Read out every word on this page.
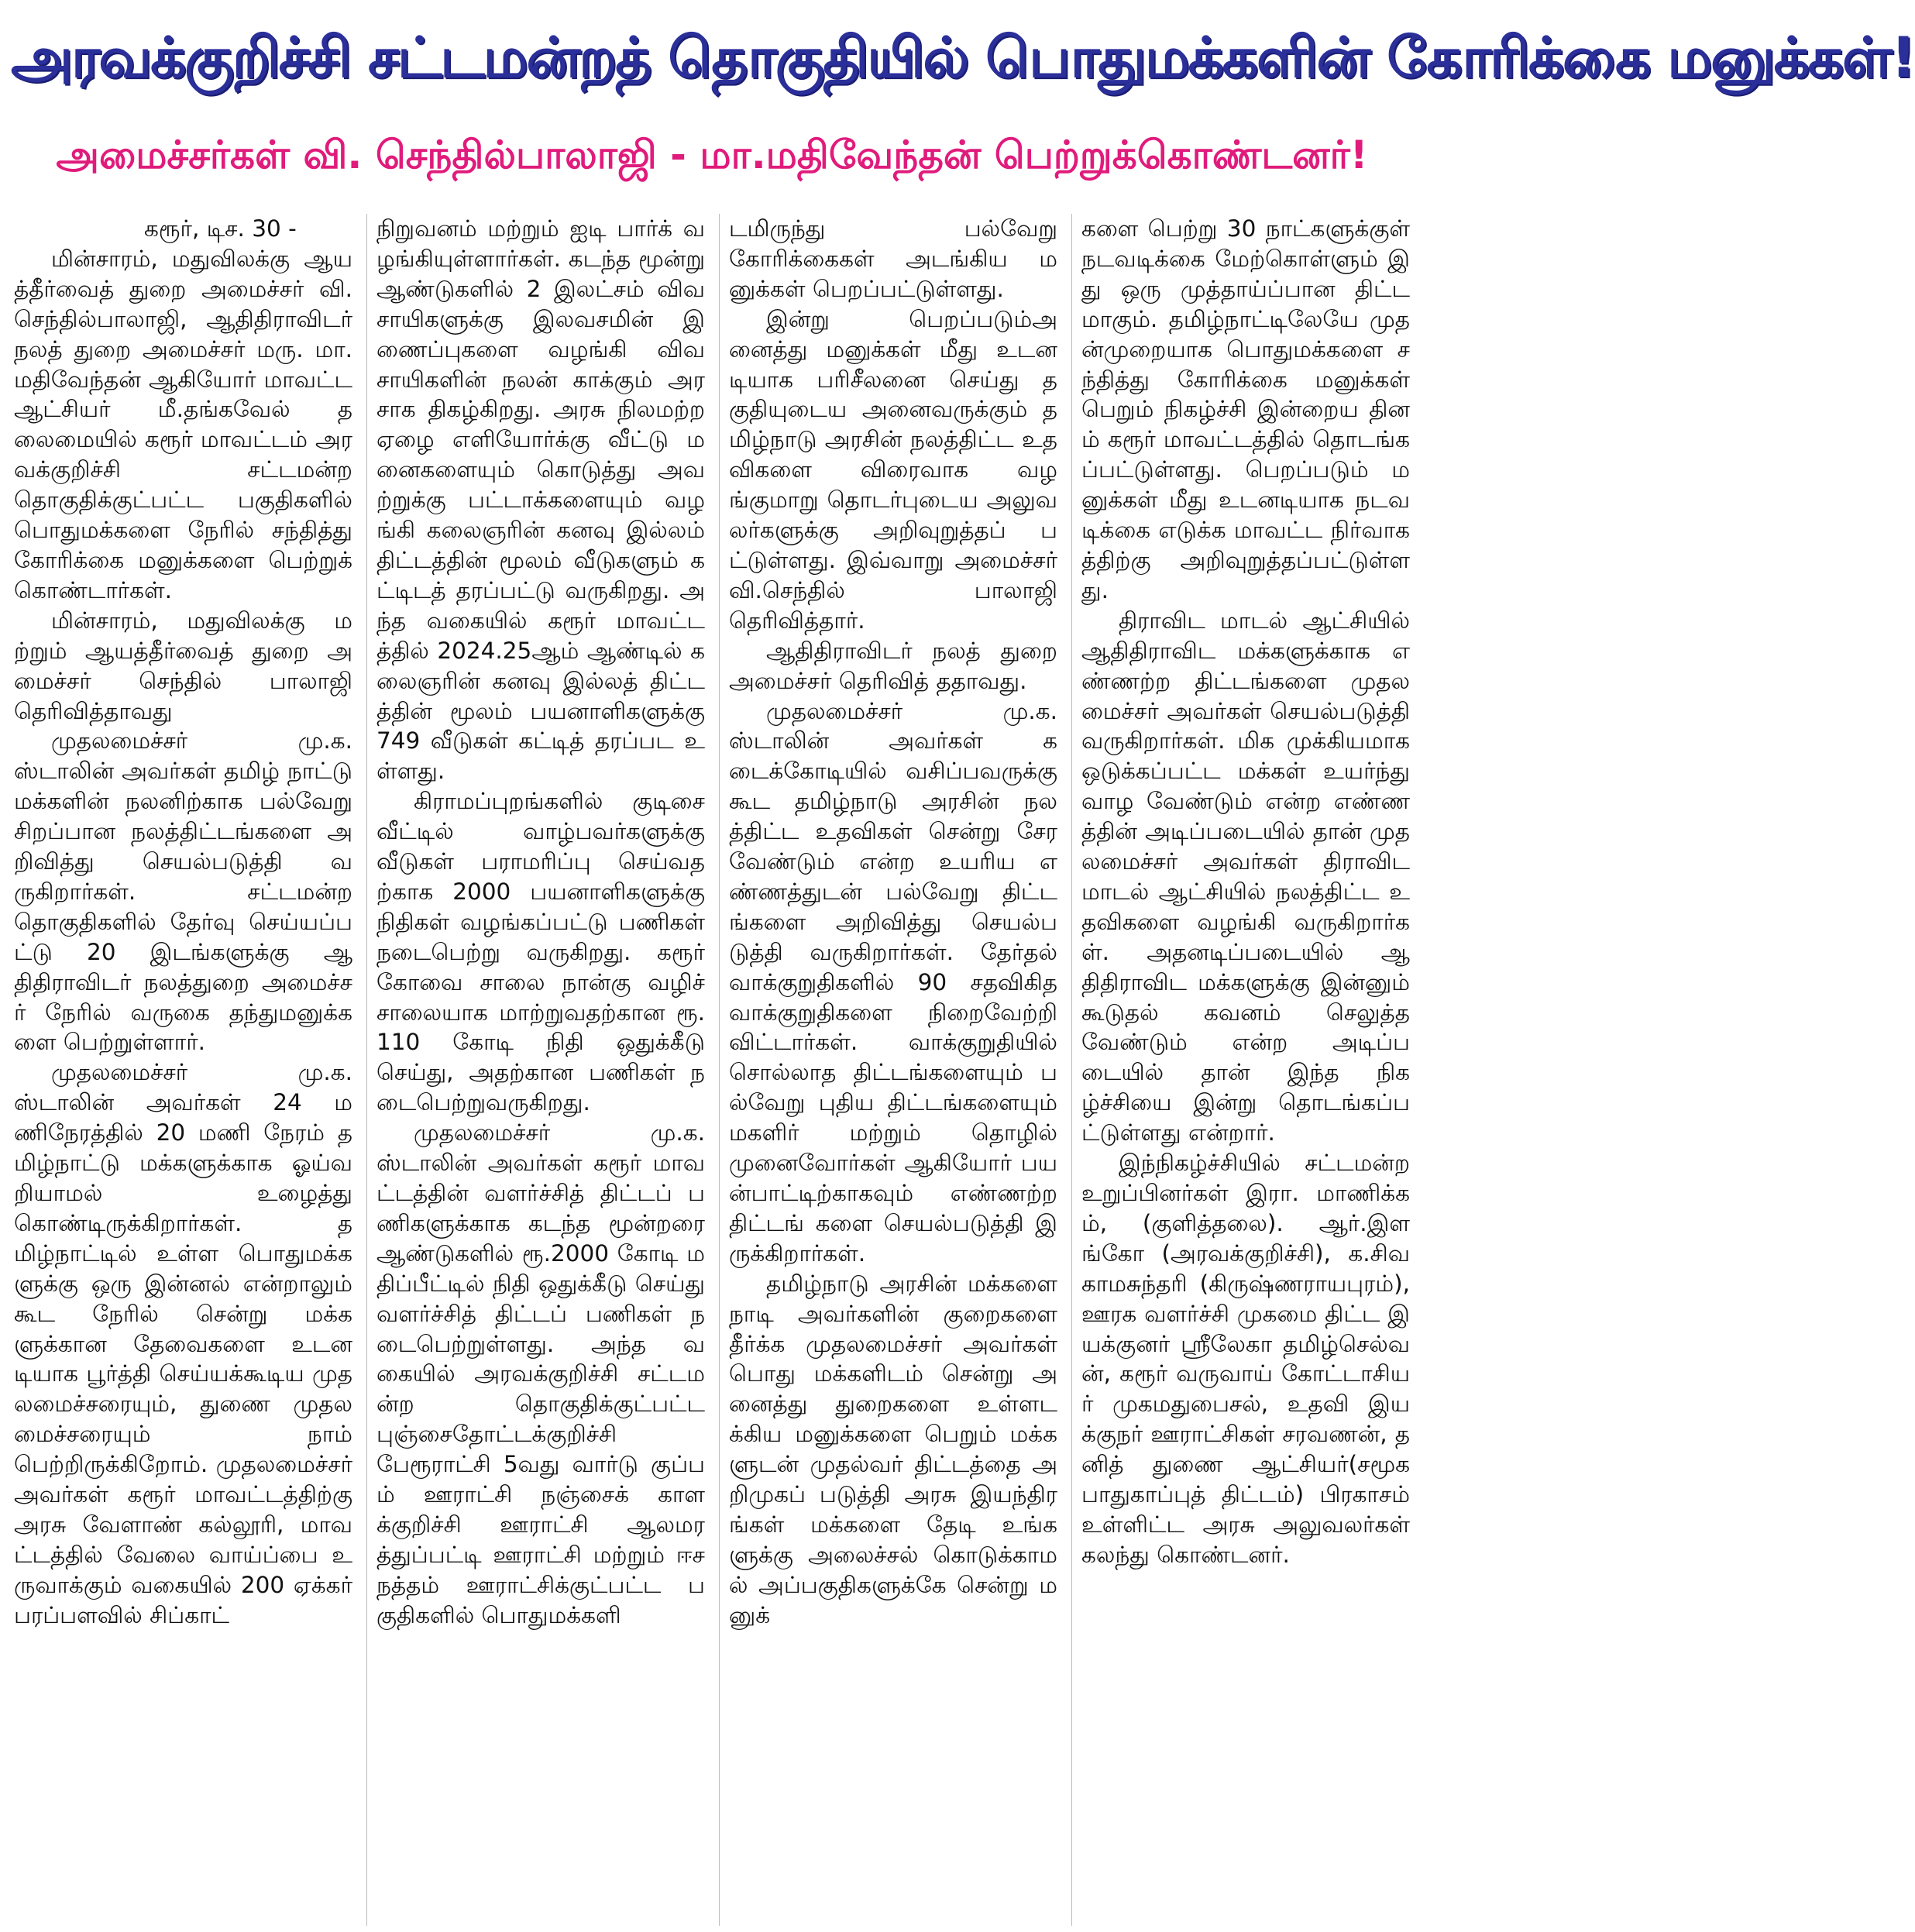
அரவக்குறிச்சி சட்டமன்றத் தொகுதியில் பொதுமக்களின் கோரிக்கை மனுக்கள்!
அமைச்சர்கள் வி. செந்தில்பாலாஜி - மா.மதிவேந்தன் பெற்றுக்கொண்டனர்!

கரூர், டிச. 30 -

மின்சாரம், மதுவிலக்கு ஆயத்தீர்வைத் துறை அமைச்சர் வி. செந்தில்பாலாஜி, ஆதிதிராவிடர் நலத் துறை அமைச்சர் மரு. மா.மதிவேந்தன் ஆகியோர் மாவட்ட ஆட்சியர் மீ.தங்கவேல் தலைமையில் கரூர் மாவட்டம் அரவக்குறிச்சி சட்டமன்ற தொகுதிக்குட்பட்ட பகுதிகளில் பொதுமக்களை நேரில் சந்தித்து கோரிக்கை மனுக்களை பெற்றுக் கொண்டார்கள்.

மின்சாரம், மதுவிலக்கு மற்றும் ஆயத்தீர்வைத் துறை அமைச்சர் செந்தில் பாலாஜி தெரிவித்தாவது

முதலமைச்சர் மு.க. ஸ்டாலின் அவர்கள் தமிழ் நாட்டு மக்களின் நலனிற்காக பல்வேறு சிறப்பான நலத்திட்டங்களை அறிவித்து செயல்படுத்தி வருகிறார்கள். சட்டமன்ற தொகுதிகளில் தேர்வு செய்யப்பட்டு 20 இடங்களுக்கு ஆதிதிராவிடர் நலத்துறை அமைச்சர் நேரில் வருகை தந்துமனுக்களை பெற்றுள்ளார்.

முதலமைச்சர் மு.க. ஸ்டாலின் அவர்கள் 24 மணிநேரத்தில் 20 மணி நேரம் தமிழ்நாட்டு மக்களுக்காக ஓய்வறியாமல் உழைத்து கொண்டிருக்கிறார்கள். தமிழ்நாட்டில் உள்ள பொதுமக்களுக்கு ஒரு இன்னல் என்றாலும் கூட நேரில் சென்று மக்களுக்கான தேவைகளை உடனடியாக பூர்த்தி செய்யக்கூடிய முதலமைச்சரையும், துணை முதலமைச்சரையும் நாம் பெற்றிருக்கிறோம். முதலமைச்சர் அவர்கள் கரூர் மாவட்டத்திற்கு அரசு வேளாண் கல்லூரி, மாவட்டத்தில் வேலை வாய்ப்பை உருவாக்கும் வகையில் 200 ஏக்கர் பரப்பளவில் சிப்காட்

நிறுவனம் மற்றும் ஐடி பார்க் வழங்கியுள்ளார்கள். கடந்த மூன்று ஆண்டுகளில் 2 இலட்சம் விவசாயிகளுக்கு இலவசமின் இணைப்புகளை வழங்கி விவசாயிகளின் நலன் காக்கும் அரசாக திகழ்கிறது. அரசு நிலமற்ற ஏழை எளியோர்க்கு வீட்டு மனைகளையும் கொடுத்து அவற்றுக்கு பட்டாக்களையும் வழங்கி கலைஞரின் கனவு இல்லம் திட்டத்தின் மூலம் வீடுகளும் கட்டிடத் தரப்பட்டு வருகிறது. அந்த வகையில் கரூர் மாவட்டத்தில் 2024.25ஆம் ஆண்டில் கலைஞரின் கனவு இல்லத் திட்டத்தின் மூலம் பயனாளிகளுக்கு 749 வீடுகள் கட்டித் தரப்பட உள்ளது.

கிராமப்புறங்களில் குடிசை வீட்டில் வாழ்பவர்களுக்கு வீடுகள் பராமரிப்பு செய்வதற்காக 2000 பயனாளிகளுக்கு நிதிகள் வழங்கப்பட்டு பணிகள் நடைபெற்று வருகிறது. கரூர் கோவை சாலை நான்கு வழிச் சாலையாக மாற்றுவதற்கான ரூ.110 கோடி நிதி ஒதுக்கீடு செய்து, அதற்கான பணிகள் நடைபெற்றுவருகிறது.

முதலமைச்சர் மு.க. ஸ்டாலின் அவர்கள் கரூர் மாவட்டத்தின் வளர்ச்சித் திட்டப் பணிகளுக்காக கடந்த மூன்றரை ஆண்டுகளில் ரூ.2000 கோடி மதிப்பீட்டில் நிதி ஒதுக்கீடு செய்து வளர்ச்சித் திட்டப் பணிகள் நடைபெற்றுள்ளது. அந்த வகையில் அரவக்குறிச்சி சட்டமன்ற தொகுதிக்குட்பட்ட புஞ்சைதோட்டக்குறிச்சி பேரூராட்சி 5வது வார்டு குப்பம் ஊராட்சி நஞ்சைக் காளக்குறிச்சி ஊராட்சி ஆலமரத்துப்பட்டி ஊராட்சி மற்றும் ஈசநத்தம் ஊராட்சிக்குட்பட்ட பகுதிகளில் பொதுமக்களி

டமிருந்து பல்வேறு கோரிக்கைகள் அடங்கிய மனுக்கள் பெறப்பட்டுள்ளது.

இன்று பெறப்படும்அனைத்து மனுக்கள் மீது உடனடியாக பரிசீலனை செய்து தகுதியுடைய அனைவருக்கும் தமிழ்நாடு அரசின் நலத்திட்ட உதவிகளை விரைவாக வழங்குமாறு தொடர்புடைய அலுவலர்களுக்கு அறிவுறுத்தப் பட்டுள்ளது. இவ்வாறு அமைச்சர் வி.செந்தில் பாலாஜி தெரிவித்தார்.

ஆதிதிராவிடர் நலத் துறை அமைச்சர் தெரிவித் ததாவது.

முதலமைச்சர் மு.க.ஸ்டாலின் அவர்கள் கடைக்கோடியில் வசிப்பவருக்கு கூட தமிழ்நாடு அரசின் நலத்திட்ட உதவிகள் சென்று சேர வேண்டும் என்ற உயரிய எண்ணத்துடன் பல்வேறு திட்டங்களை அறிவித்து செயல்படுத்தி வருகிறார்கள். தேர்தல் வாக்குறுதிகளில் 90 சதவிகித வாக்குறுதிகளை நிறைவேற்றி விட்டார்கள். வாக்குறுதியில் சொல்லாத திட்டங்களையும் பல்வேறு புதிய திட்டங்களையும் மகளிர் மற்றும் தொழில் முனைவோர்கள் ஆகியோர் பயன்பாட்டிற்காகவும் எண்ணற்ற திட்டங் களை செயல்படுத்தி இருக்கிறார்கள்.

தமிழ்நாடு அரசின் மக்களை நாடி அவர்களின் குறைகளை தீர்க்க முதலமைச்சர் அவர்கள் பொது மக்களிடம் சென்று அனைத்து துறைகளை உள்ளடக்கிய மனுக்களை பெறும் மக்களுடன் முதல்வர் திட்டத்தை அறிமுகப் படுத்தி அரசு இயந்திரங்கள் மக்களை தேடி உங்களுக்கு அலைச்சல் கொடுக்காமல் அப்பகுதிகளுக்கே சென்று மனுக்

களை பெற்று 30 நாட்களுக்குள் நடவடிக்கை மேற்கொள்ளும் இது ஒரு முத்தாய்ப்பான திட்டமாகும். தமிழ்நாட்டிலேயே முதன்முறையாக பொதுமக்களை சந்தித்து கோரிக்கை மனுக்கள் பெறும் நிகழ்ச்சி இன்றைய தினம் கரூர் மாவட்டத்தில் தொடங்கப்பட்டுள்ளது. பெறப்படும் மனுக்கள் மீது உடனடியாக நடவடிக்கை எடுக்க மாவட்ட நிர்வாகத்திற்கு அறிவுறுத்தப்பட்டுள்ளது.

திராவிட மாடல் ஆட்சியில் ஆதிதிராவிட மக்களுக்காக எண்ணற்ற திட்டங்களை முதலமைச்சர் அவர்கள் செயல்படுத்தி வருகிறார்கள். மிக முக்கியமாக ஒடுக்கப்பட்ட மக்கள் உயர்ந்து வாழ வேண்டும் என்ற எண்ணத்தின் அடிப்படையில் தான் முதலமைச்சர் அவர்கள் திராவிட மாடல் ஆட்சியில் நலத்திட்ட உதவிகளை வழங்கி வருகிறார்கள். அதனடிப்படையில் ஆதிதிராவிட மக்களுக்கு இன்னும் கூடுதல் கவனம் செலுத்த வேண்டும் என்ற அடிப்படையில் தான் இந்த நிகழ்ச்சியை இன்று தொடங்கப்பட்டுள்ளது என்றார்.

இந்நிகழ்ச்சியில் சட்டமன்ற உறுப்பினர்கள் இரா. மாணிக்கம், (குளித்தலை). ஆர்.இளங்கோ (அரவக்குறிச்சி), க.சிவகாமசுந்தரி (கிருஷ்ணராயபுரம்), ஊரக வளர்ச்சி முகமை திட்ட இயக்குனர் ஸ்ரீலேகா தமிழ்செல்வன், கரூர் வருவாய் கோட்டாசியர் முகமதுபைசல், உதவி இயக்குநர் ஊராட்சிகள் சரவணன், தனித் துணை ஆட்சியர்(சமூக பாதுகாப்புத் திட்டம்) பிரகாசம் உள்ளிட்ட அரசு அலுவலர்கள் கலந்து கொண்டனர்.
